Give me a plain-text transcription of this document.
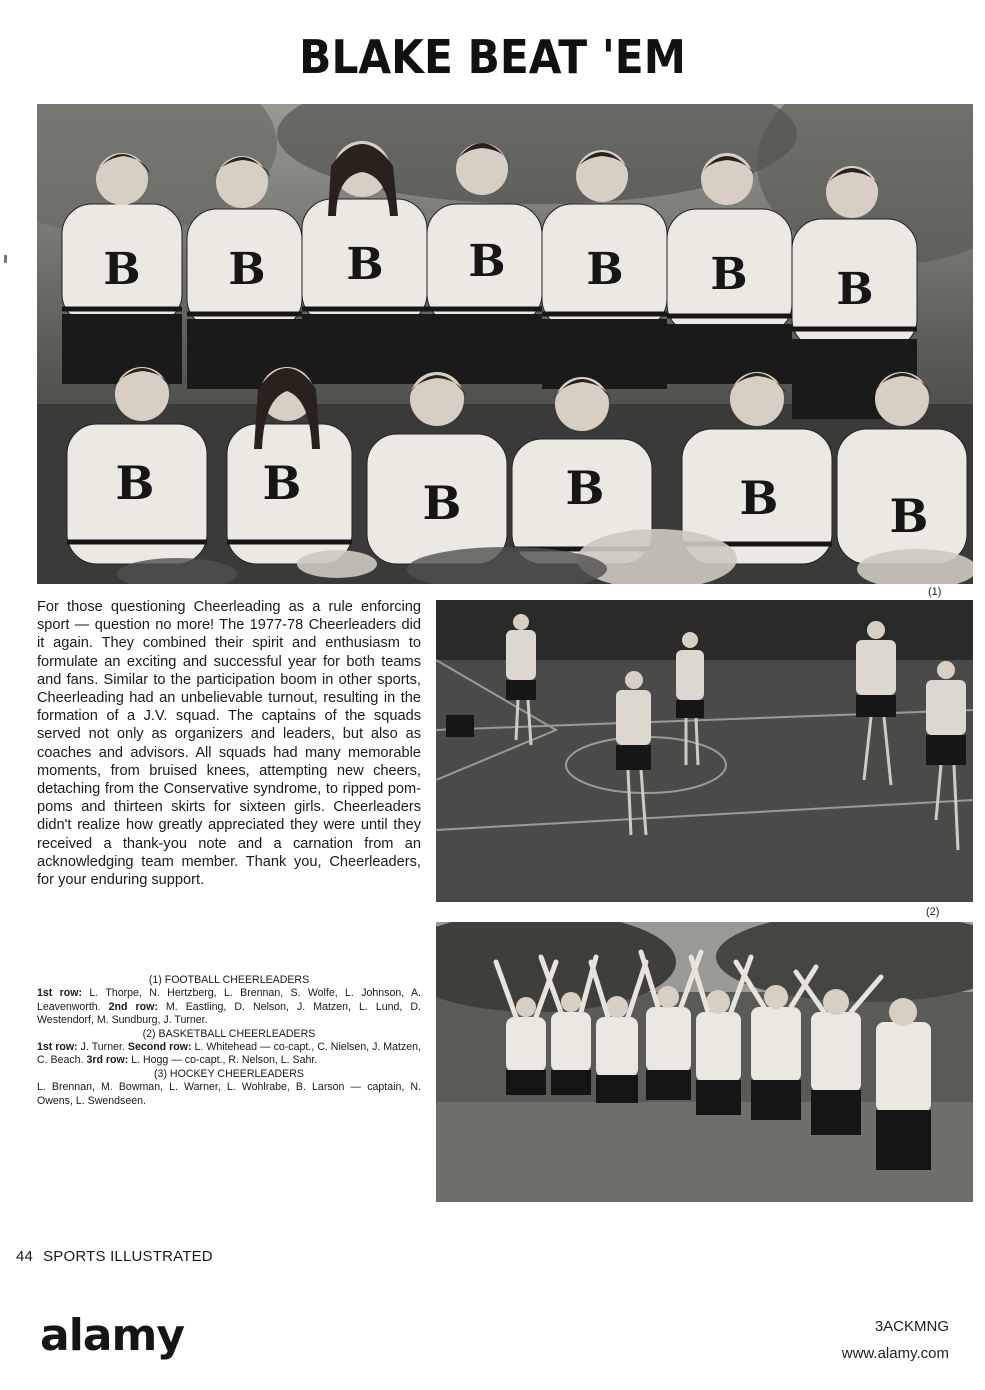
BLAKE BEAT 'EM
B B B B B B B
B B	B B	B B
(1)
(2)
For those questioning Cheerleading as a rule enforcing sport — question no more! The 1977-78 Cheerleaders did it again. They combined their spirit and enthusiasm to formulate an exciting and successful year for both teams and fans. Similar to the participation boom in other sports, Cheerleading had an unbelievable turnout, resulting in the formation of a J.V. squad. The captains of the squads served not only as organizers and leaders, but also as coaches and advisors. All squads had many memorable moments, from bruised knees, attempting new cheers, detaching from the Conservative syndrome, to ripped pom-poms and thirteen skirts for sixteen girls. Cheerleaders didn't realize how greatly appreciated they were until they received a thank-you note and a carnation from an acknowledging team member. Thank you, Cheerleaders, for your enduring support.
(1) FOOTBALL CHEERLEADERS

1st row: L. Thorpe, N. Hertzberg, L. Brennan, S. Wolfe, L. Johnson, A. Leavenworth. 2nd row: M. Eastling, D. Nelson, J. Matzen, L. Lund, D. Westendorf, M. Sundburg, J. Turner.

(2) BASKETBALL CHEERLEADERS

1st row: J. Turner. Second row: L. Whitehead — co-capt., C. Nielsen, J. Matzen, C. Beach. 3rd row: L. Hogg — co-capt., R. Nelson, L. Sahr.

(3) HOCKEY CHEERLEADERS

L. Brennan, M. Bowman, L. Warner, L. Wohlrabe, B. Larson — captain, N. Owens, L. Swendseen.

44 SPORTS ILLUSTRATED
alamy	3ACKMNG
www.alamy.com
